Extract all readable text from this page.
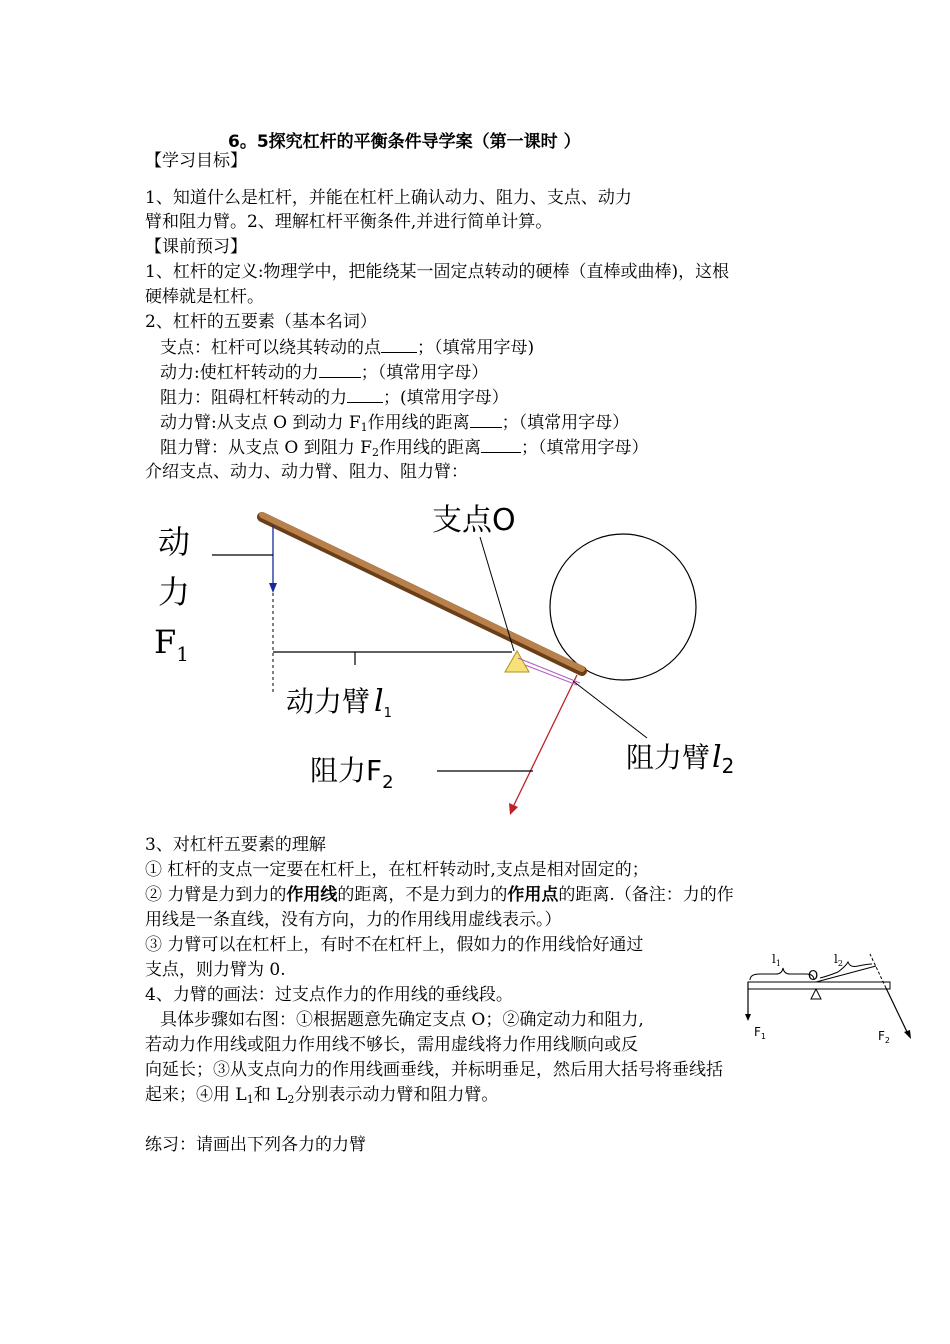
6。5探究杠杆的平衡条件导学案（第一课时 ）
【学习目标】
1、知道什么是杠杆，并能在杠杆上确认动力、阻力、支点、动力
臂和阻力臂。2、理解杠杆平衡条件,并进行简单计算。
【课前预习】
1、杠杆的定义:物理学中，把能绕某一固定点转动的硬棒（直棒或曲棒)，这根
硬棒就是杠杆。
2、杠杆的五要素（基本名词）
支点：杠杆可以绕其转动的点 ；（填常用字母)
动力:使杠杆转动的力 ；（填常用字母）
阻力：阻碍杠杆转动的力 ；(填常用字母）
动力臂:从支点 O 到动力 $F_1$作用线的距离 ；（填常用字母）
阻力臂：从支点 O 到阻力 $F_2$作用线的距离 ；（填常用字母）
介绍支点、动力、动力臂、阻力、阻力臂：
动
力
$F_1$
支点O
动力臂 $l_1$
阻力$F_2$
阻力臂$l_2$
3、对杠杆五要素的理解
① 杠杆的支点一定要在杠杆上，在杠杆转动时,支点是相对固定的；
② 力臂是力到力的作用线的距离，不是力到力的作用点的距离.（备注：力的作
用线是一条直线，没有方向，力的作用线用虚线表示。）
③ 力臂可以在杠杆上，有时不在杠杆上，假如力的作用线恰好通过
支点，则力臂为 0.
4、力臂的画法：过支点作力的作用线的垂线段。
具体步骤如右图：①根据题意先确定支点 O；②确定动力和阻力,
若动力作用线或阻力作用线不够长，需用虚线将力作用线顺向或反
向延长；③从支点向力的作用线画垂线，并标明垂足，然后用大括号将垂线括
起来；④用 $L_1$和 $L_2$分别表示动力臂和阻力臂。
练习：请画出下列各力的力臂
$l_1$
O
$l_2$
$F_1$	$F_2$
